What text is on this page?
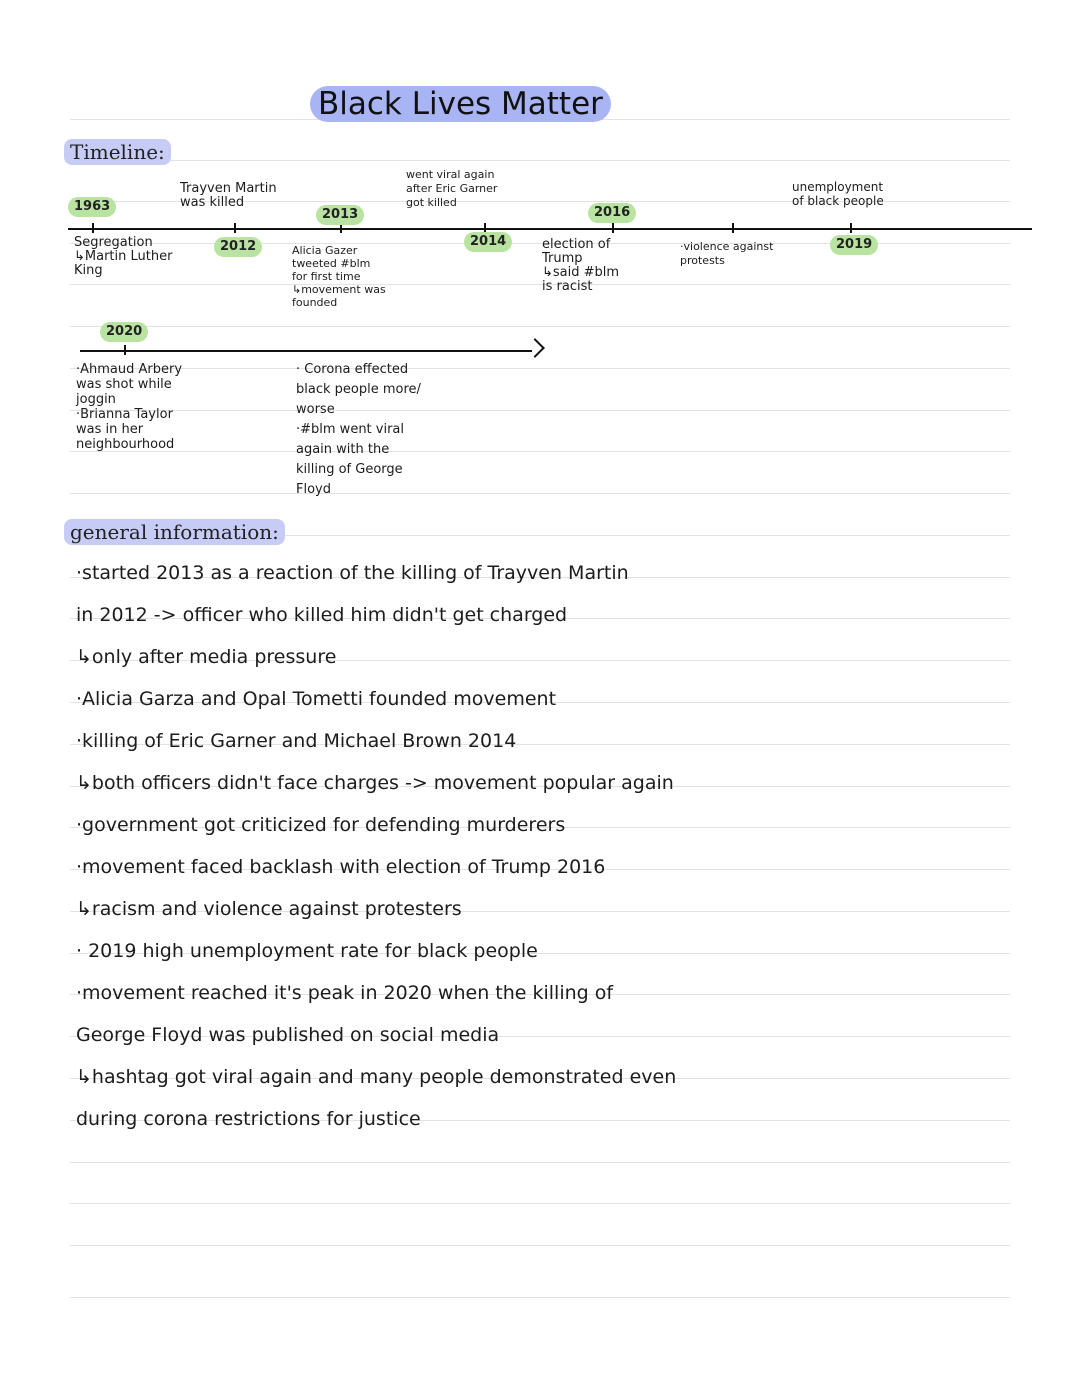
Black Lives Matter
Timeline:
1963
2012
2013
2014
2016
2019
Trayven Martin
was killed
went viral again
after Eric Garner
got killed
unemployment
of black people
Segregation
↳Martin Luther
King
Alicia Gazer
tweeted #blm
for first time
↳movement was
founded
election of
Trump
↳said #blm
is racist
·violence against
protests
2020
·Ahmaud Arbery
was shot while
joggin
·Brianna Taylor
was in her
neighbourhood
· Corona effected
black people more/
worse
·#blm went viral
again with the
killing of George
Floyd
general information:
·started 2013 as a reaction of the killing of Trayven Martin
in 2012 -> officer who killed him didn't get charged
↳only after media pressure
·Alicia Garza and Opal Tometti founded movement
·killing of Eric Garner and Michael Brown 2014
↳both officers didn't face charges -> movement popular again
·government got criticized for defending murderers
·movement faced backlash with election of Trump 2016
↳racism and violence against protesters
· 2019 high unemployment rate for black people
·movement reached it's peak in 2020 when the killing of
George Floyd was published on social media
↳hashtag got viral again and many people demonstrated even
during corona restrictions for justice
